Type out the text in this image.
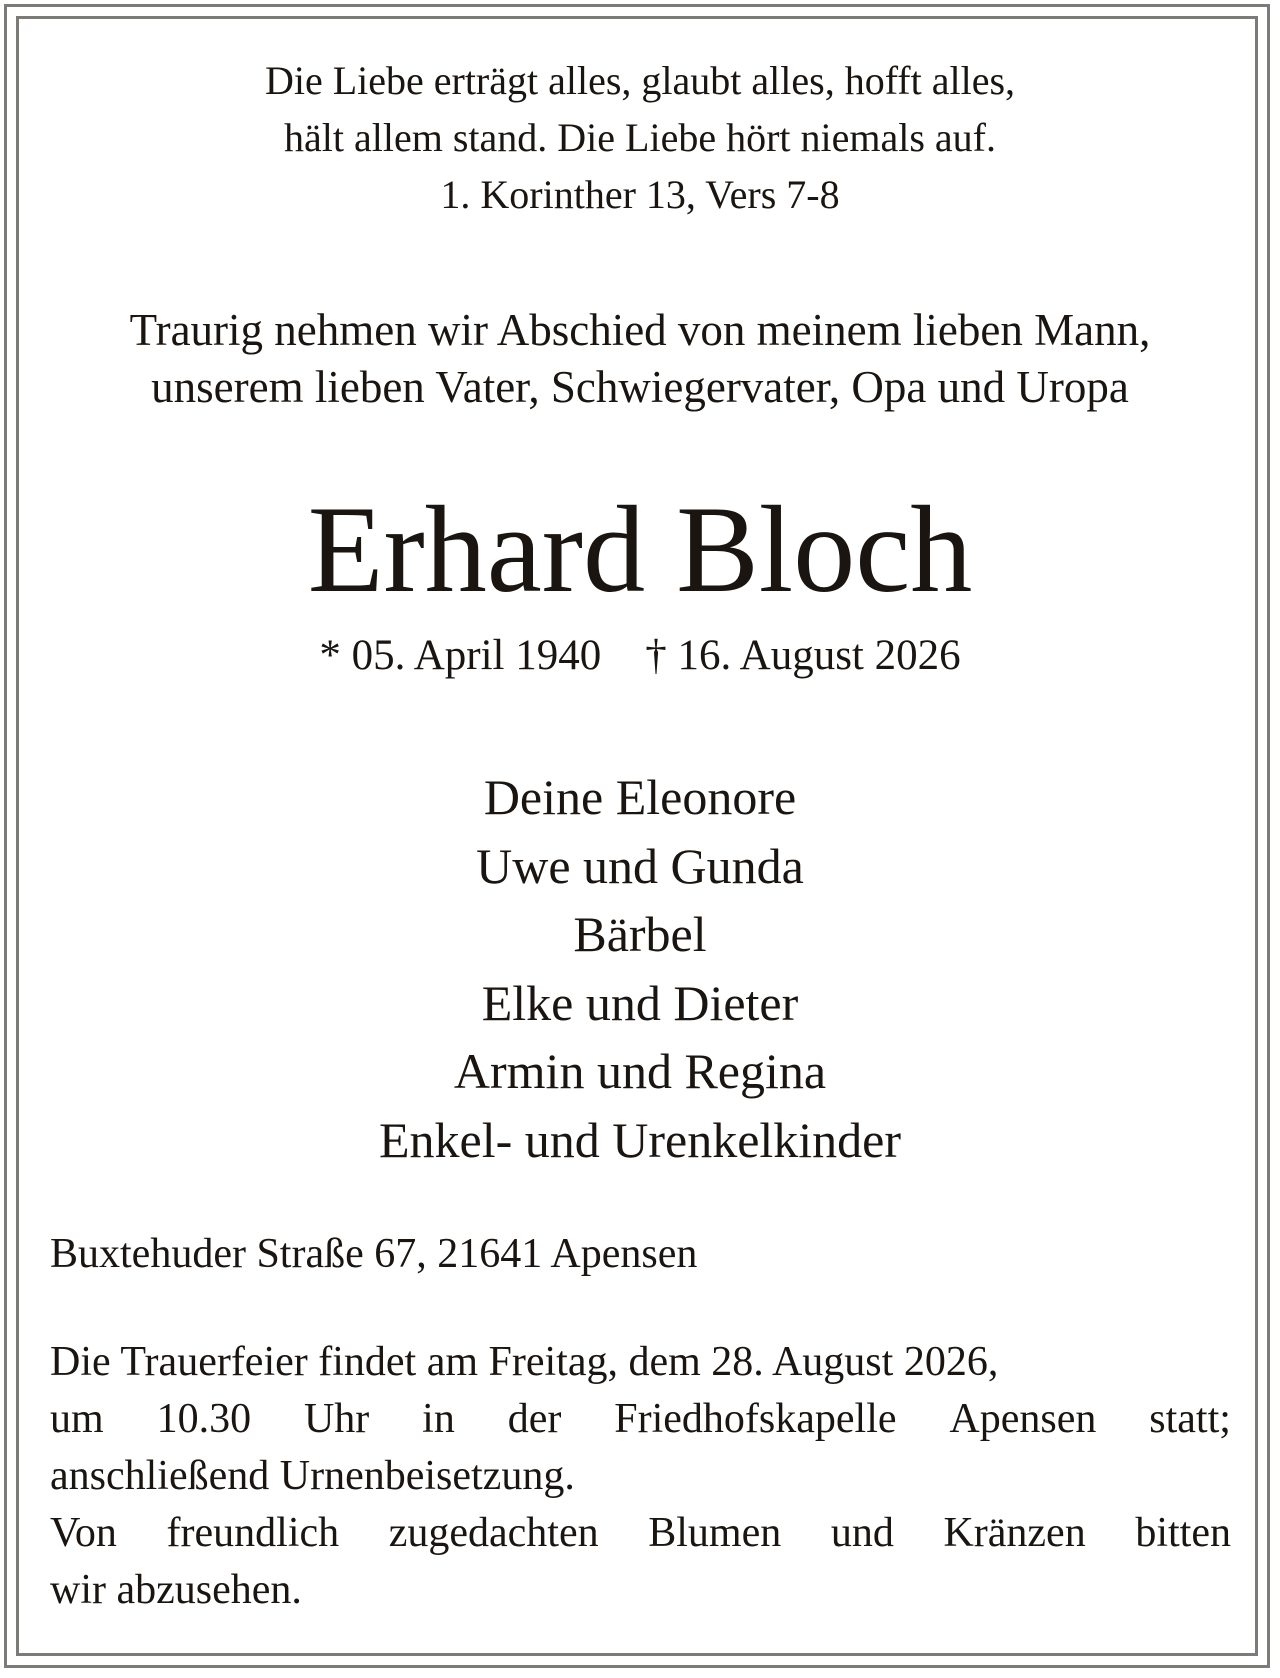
Die Liebe erträgt alles, glaubt alles, hofft alles,
hält allem stand. Die Liebe hört niemals auf.
1. Korinther 13, Vers 7-8
Traurig nehmen wir Abschied von meinem lieben Mann,
unserem lieben Vater, Schwiegervater, Opa und Uropa
Erhard Bloch
* 05. April 1940 † 16. August 2026
Deine Eleonore
Uwe und Gunda
Bärbel
Elke und Dieter
Armin und Regina
Enkel- und Urenkelkinder
Buxtehuder Straße 67, 21641 Apensen
Die Trauerfeier findet am Freitag, dem 28. August 2026,
um 10.30 Uhr in der Friedhofskapelle Apensen statt;
anschließend Urnenbeisetzung.
Von freundlich zugedachten Blumen und Kränzen bitten
wir abzusehen.
